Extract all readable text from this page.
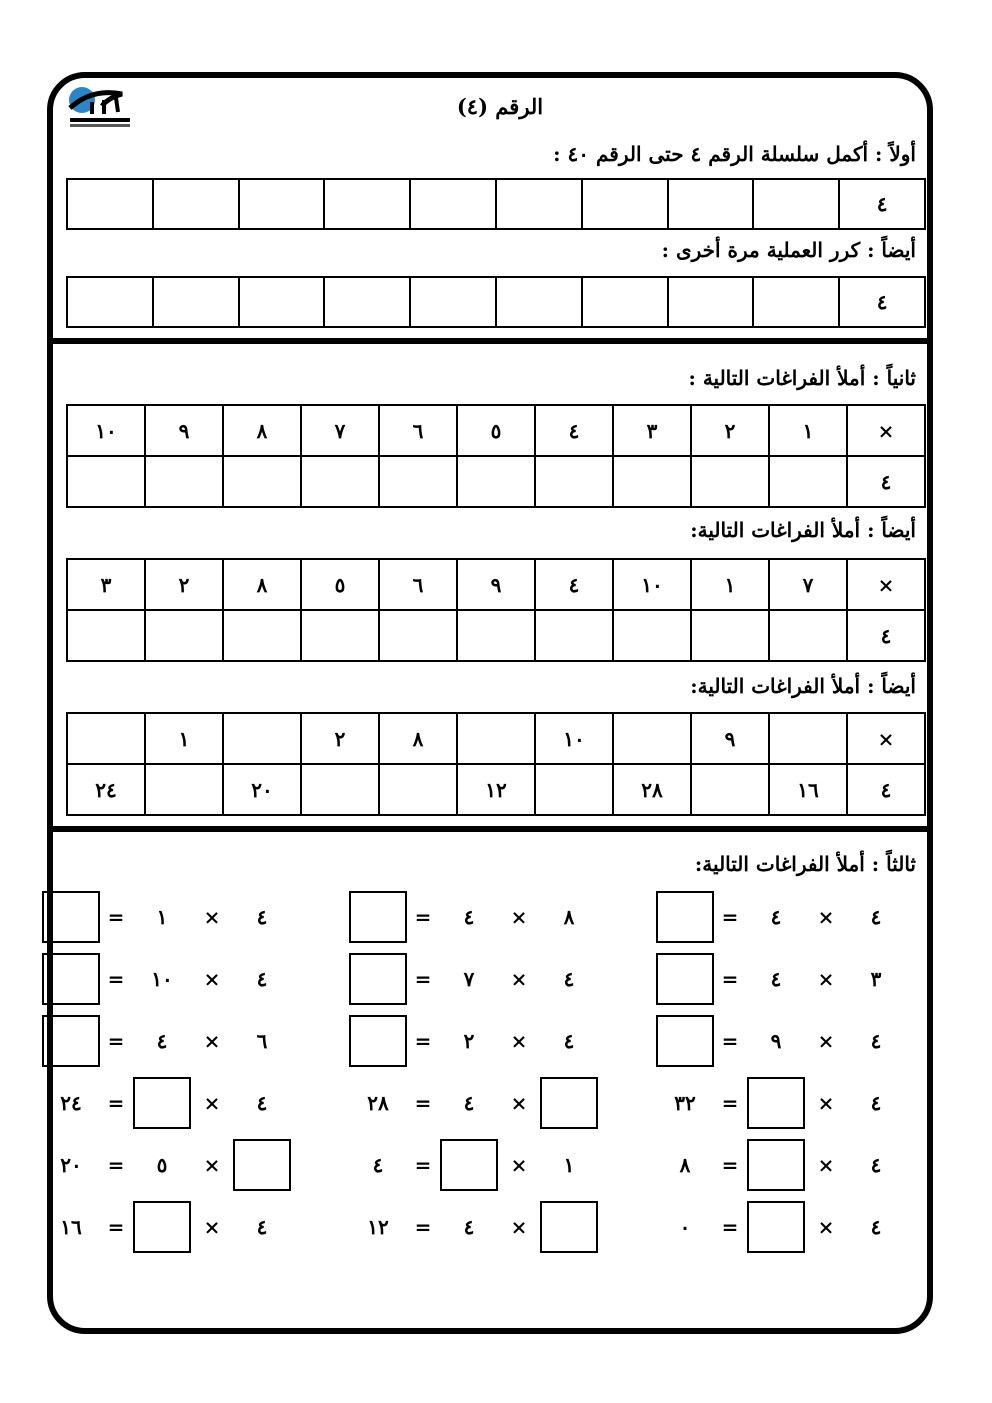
الرقم (٤)
أولاً : أكمل سلسلة الرقم ٤ حتى الرقم ٤٠ :
٤									
أيضاً : كرر العملية مرة أخرى :
٤									
ثانياً : أملأ الفراغات التالية :
×	١	٢	٣	٤	٥	٦	٧	٨	٩	١٠
٤										
أيضاً : أملأ الفراغات التالية:
×	٧	١	١٠	٤	٩	٦	٥	٨	٢	٣
٤										
أيضاً : أملأ الفراغات التالية:
×		٩		١٠		٨	٢		١	
٤	١٦		٢٨		١٢			٢٠		٢٤
ثالثاً : أملأ الفراغات التالية:
٤
×
٤
=
٣
×
٤
=
٤
×
٩
=
٤
×
=
٣٢
٤
×
=
٨
٤
×
=
٠
٨
×
٤
=
٤
×
٧
=
٤
×
٢
=
×
٤
=
٢٨
١
×
=
٤
×
٤
=
١٢
٤
×
١
=
٤
×
١٠
=
٦
×
٤
=
٤
×
=
٢٤
×
٥
=
٢٠
٤
×
=
١٦
